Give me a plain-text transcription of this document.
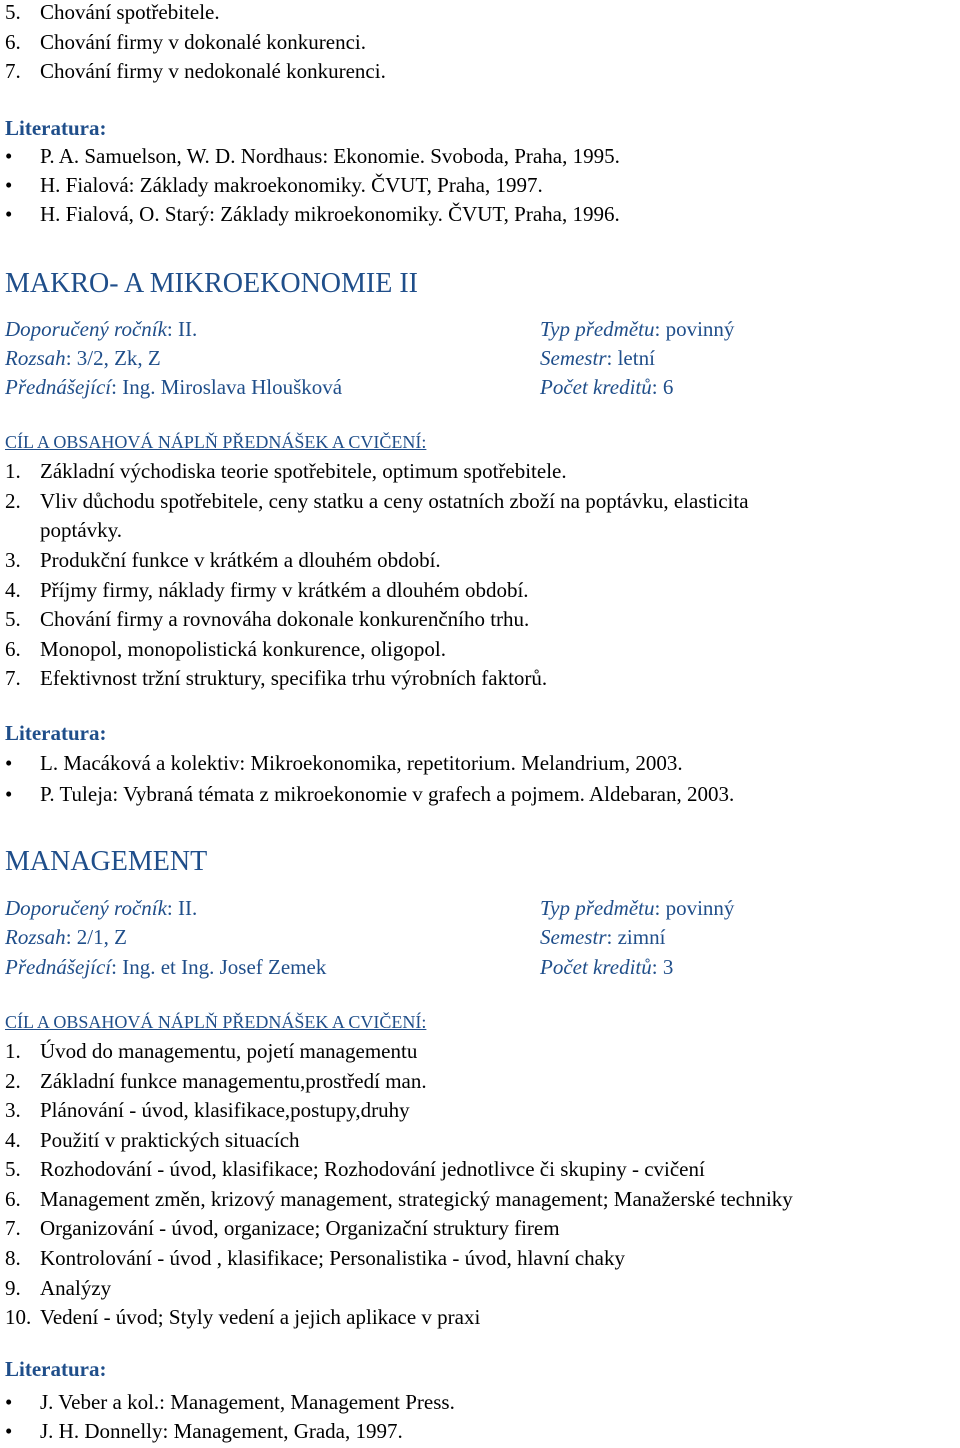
5. Chování spotřebitele.
6. Chování firmy v dokonalé konkurenci.
7. Chování firmy v nedokonalé konkurenci.
Literatura:
• P. A. Samuelson, W. D. Nordhaus: Ekonomie. Svoboda, Praha, 1995.
• H. Fialová: Základy makroekonomiky. ČVUT, Praha, 1997.
• H. Fialová, O. Starý: Základy mikroekonomiky. ČVUT, Praha, 1996.
MAKRO- A MIKROEKONOMIE II
Doporučený ročník: II.	Typ předmětu: povinný
Rozsah: 3/2, Zk, Z	Semestr: letní
Přednášející: Ing. Miroslava Hloušková	Počet kreditů: 6
CÍL A OBSAHOVÁ NÁPLŇ PŘEDNÁŠEK A CVIČENÍ:
1. Základní východiska teorie spotřebitele, optimum spotřebitele.
2. Vliv důchodu spotřebitele, ceny statku a ceny ostatních zboží na poptávku, elasticita
poptávky.
3. Produkční funkce v krátkém a dlouhém období.
4. Příjmy firmy, náklady firmy v krátkém a dlouhém období.
5. Chování firmy a rovnováha dokonale konkurenčního trhu.
6. Monopol, monopolistická konkurence, oligopol.
7. Efektivnost tržní struktury, specifika trhu výrobních faktorů.
Literatura:
• L. Macáková a kolektiv: Mikroekonomika, repetitorium. Melandrium, 2003.
• P. Tuleja: Vybraná témata z mikroekonomie v grafech a pojmem. Aldebaran, 2003.
MANAGEMENT
Doporučený ročník: II.	Typ předmětu: povinný
Rozsah: 2/1, Z	Semestr: zimní
Přednášející: Ing. et Ing. Josef Zemek	Počet kreditů: 3
CÍL A OBSAHOVÁ NÁPLŇ PŘEDNÁŠEK A CVIČENÍ:
1. Úvod do managementu, pojetí managementu
2. Základní funkce managementu,prostředí man.
3. Plánování - úvod, klasifikace,postupy,druhy
4. Použití v praktických situacích
5. Rozhodování - úvod, klasifikace; Rozhodování jednotlivce či skupiny - cvičení
6. Management změn, krizový management, strategický management; Manažerské techniky
7. Organizování - úvod, organizace; Organizační struktury firem
8. Kontrolování - úvod , klasifikace; Personalistika - úvod, hlavní chaky
9. Analýzy
10. Vedení - úvod; Styly vedení a jejich aplikace v praxi
Literatura:
• J. Veber a kol.: Management, Management Press.
• J. H. Donnelly: Management, Grada, 1997.
